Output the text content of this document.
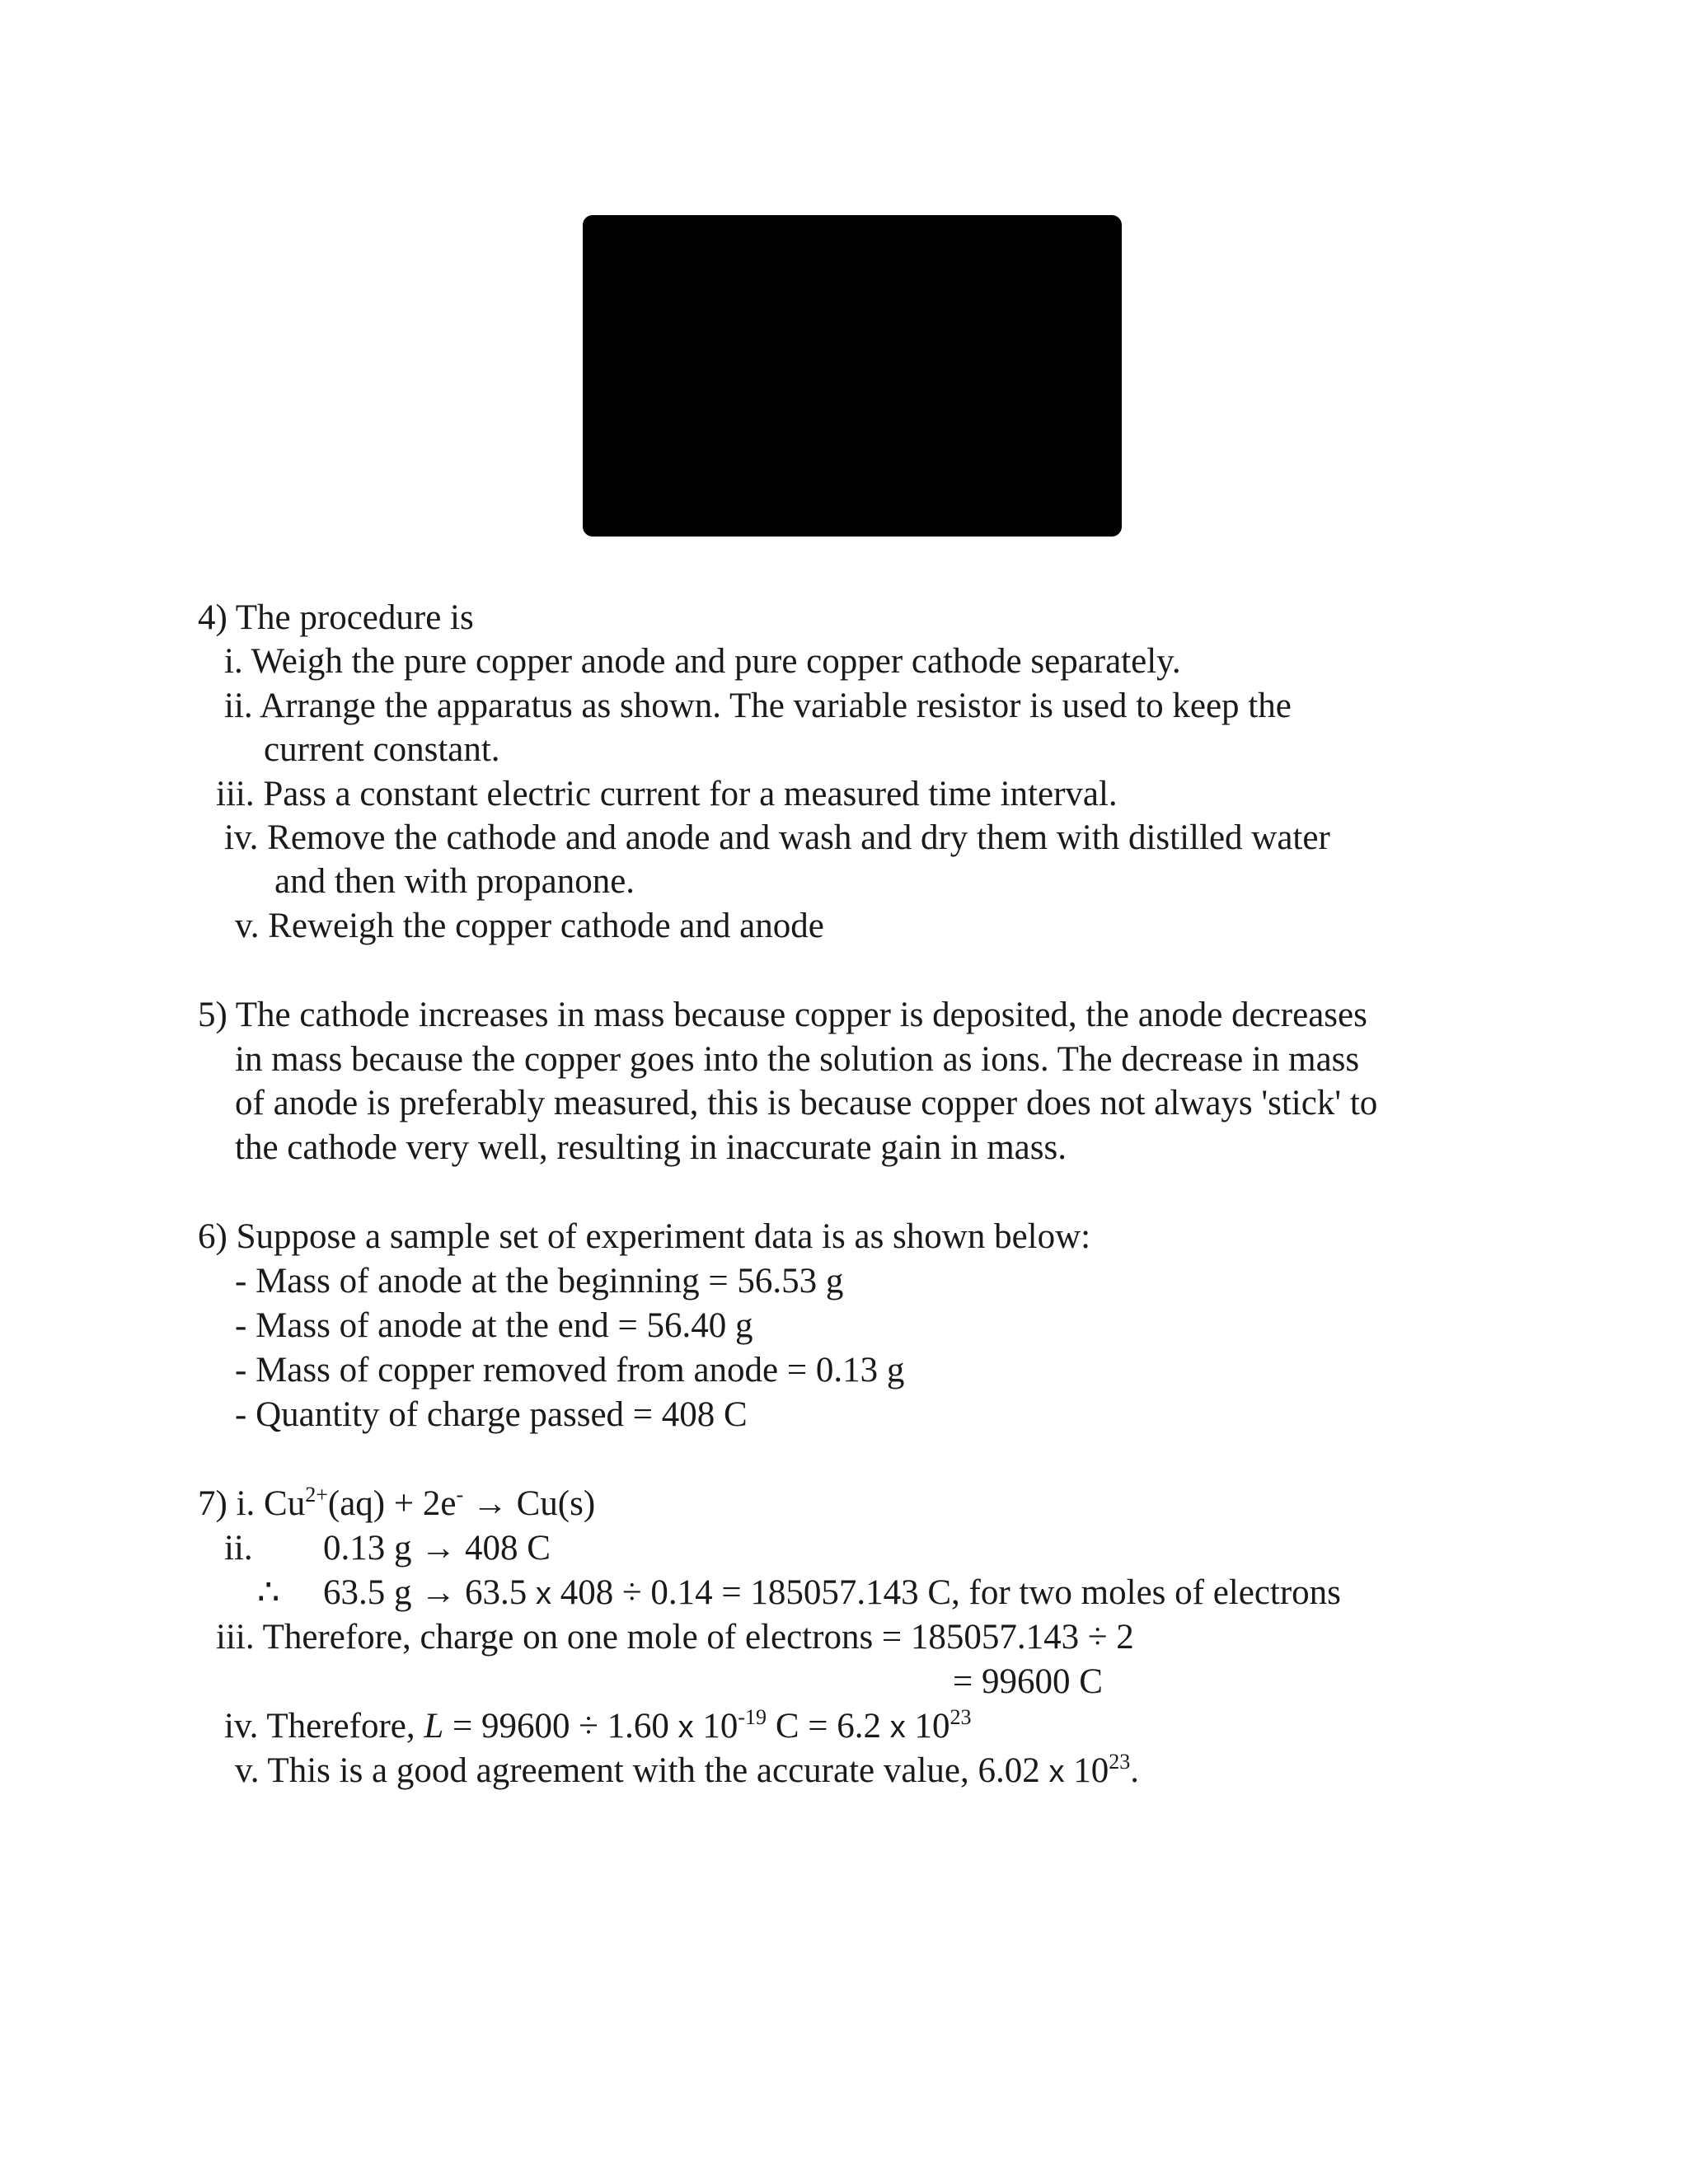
4) The procedure is
i. Weigh the pure copper anode and pure copper cathode separately.
ii. Arrange the apparatus as shown. The variable resistor is used to keep the
current constant.
iii. Pass a constant electric current for a measured time interval.
iv. Remove the cathode and anode and wash and dry them with distilled water
and then with propanone.
v. Reweigh the copper cathode and anode
5) The cathode increases in mass because copper is deposited, the anode decreases
in mass because the copper goes into the solution as ions. The decrease in mass
of anode is preferably measured, this is because copper does not always 'stick' to
the cathode very well, resulting in inaccurate gain in mass.
6) Suppose a sample set of experiment data is as shown below:
- Mass of anode at the beginning = 56.53 g
- Mass of anode at the end = 56.40 g
- Mass of copper removed from anode = 0.13 g
- Quantity of charge passed = 408 C
7) i. $Cu^{2+}(aq) + 2e^- \to Cu(s)$
ii. 0.13 g → 408 C
∴ 63.5 g → 63.5 x 408 ÷ 0.14 = 185057.143 C, for two moles of electrons
iii. Therefore, charge on one mole of electrons = 185057.143 ÷ 2
= 99600 C
iv. Therefore, L = 99600 ÷ 1.60 x $10^{-19}$ C = 6.2 x $10^{23}$
v. This is a good agreement with the accurate value, 6.02 x $10^{23}$.
